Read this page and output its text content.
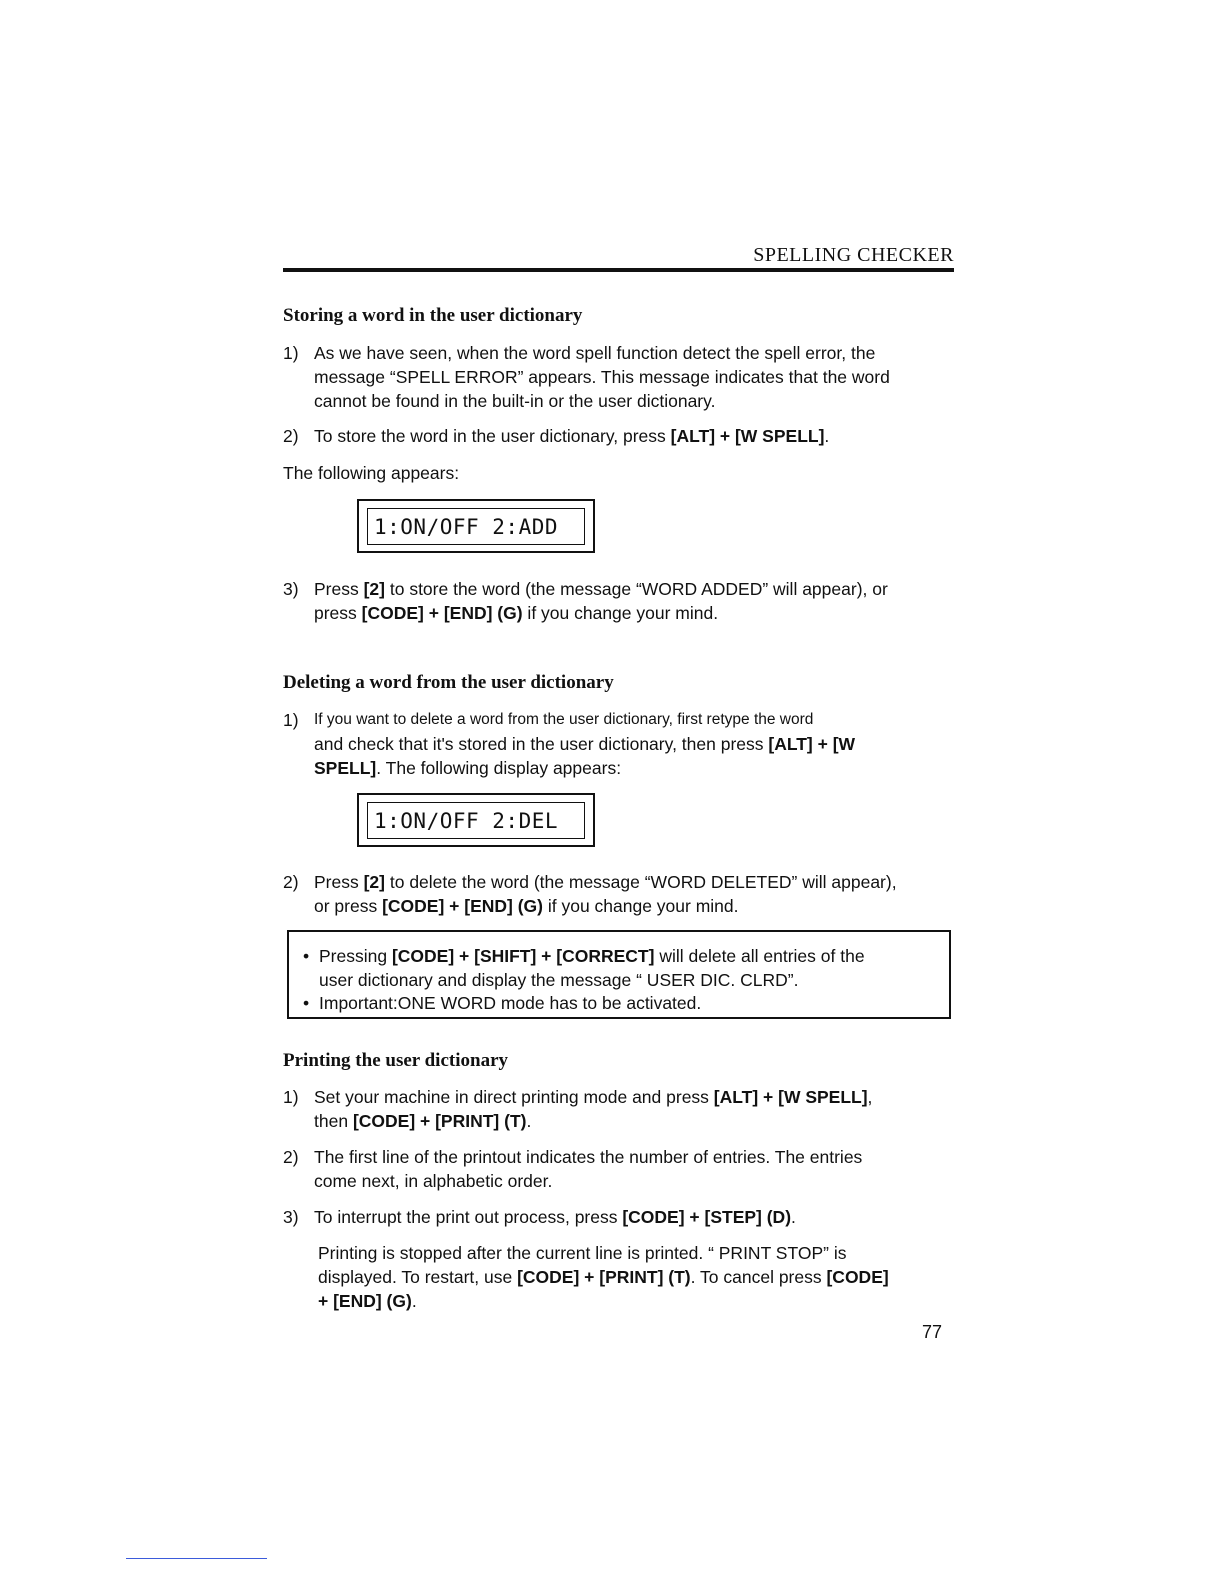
SPELLING CHECKER
Storing a word in the user dictionary
1) As we have seen, when the word spell function detect the spell error, the
message “SPELL ERROR” appears. This message indicates that the word
cannot be found in the built-in or the user dictionary.
2) To store the word in the user dictionary, press [ALT] + [W SPELL].
The following appears:
1:ON∕OFF 2:ADD
3) Press [2] to store the word (the message “WORD ADDED” will appear), or
press [CODE] + [END] (G) if you change your mind.
Deleting a word from the user dictionary
1) If you want to delete a word from the user dictionary, first retype the word
and check that it's stored in the user dictionary, then press [ALT] + [W
SPELL]. The following display appears:
1:ON∕OFF 2:DEL
2) Press [2] to delete the word (the message “WORD DELETED” will appear),
or press [CODE] + [END] (G) if you change your mind.
• Pressing [CODE] + [SHIFT] + [CORRECT] will delete all entries of the
user dictionary and display the message “ USER DIC. CLRD”.
• Important:ONE WORD mode has to be activated.
Printing the user dictionary
1) Set your machine in direct printing mode and press [ALT] + [W SPELL],
then [CODE] + [PRINT] (T).
2) The first line of the printout indicates the number of entries. The entries
come next, in alphabetic order.
3) To interrupt the print out process, press [CODE] + [STEP] (D).
Printing is stopped after the current line is printed. “ PRINT STOP” is
displayed. To restart, use [CODE] + [PRINT] (T). To cancel press [CODE]
+ [END] (G).
77
